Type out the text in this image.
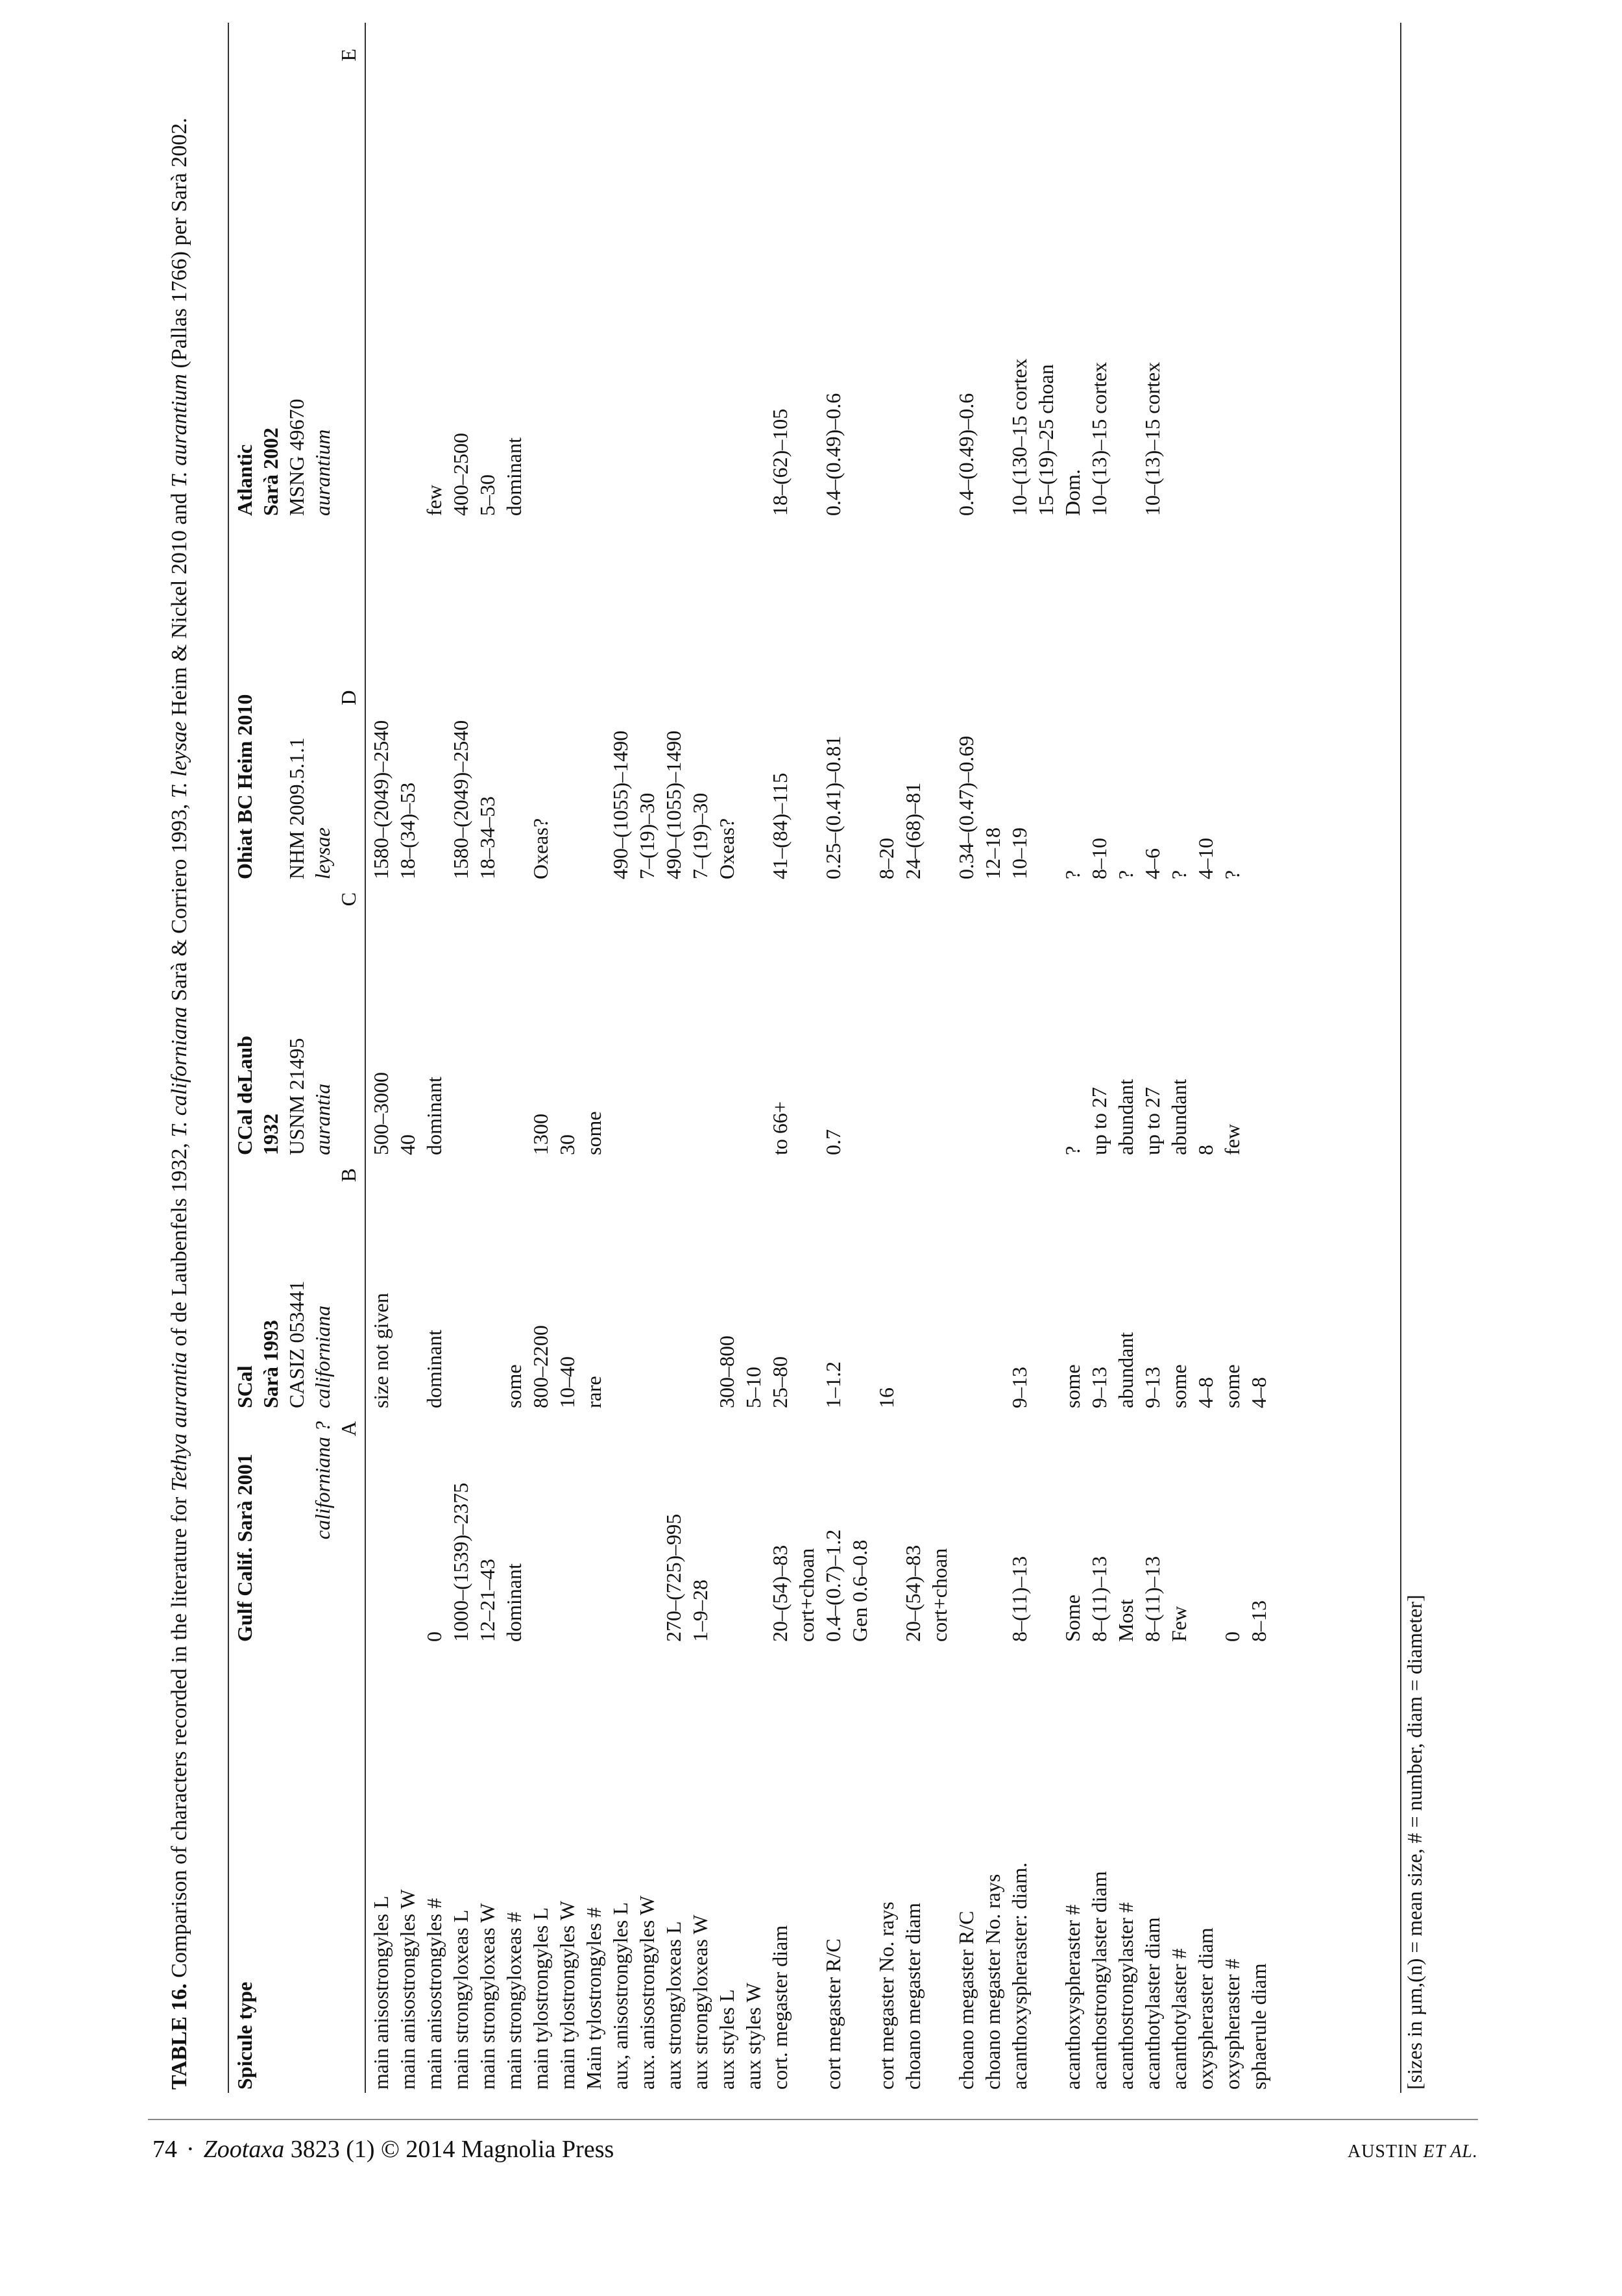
TABLE 16. Comparison of characters recorded in the literature for Tethya aurantia of de Laubenfels 1932, T. californiana Sarà & Corriero 1993, T. leysae Heim & Nickel 2010 and T. aurantium (Pallas 1766) per Sarà 2002.
Spicule type	Gulf Calif. Sarà 2001	SCal	CCal deLaub	Ohiat BC Heim 2010	Atlantic
		Sarà 1993	1932		Sarà 2002
		CASIZ 053441	USNM 21495	NHM 2009.5.1.1	MSNG 49670
	californiana ?	californiana	aurantia	leysae	aurantium
	A	B	C	D	E

main anisostrongyles L		size not given	500–3000	1580–(2049)–2540	
main anisostrongyles W			40	18–(34)–53	
main anisostrongyles #	0	dominant	dominant		few
main strongyloxeas L	1000–(1539)–2375			1580–(2049)–2540	400–2500
main strongyloxeas W	12–21–43			18–34–53	5–30
main strongyloxeas #	dominant	some			dominant
main tylostrongyles L		800–2200	1300	Oxeas?	
main tylostrongyles W		10–40	30		
Main tylostrongyles #		rare	some		
aux, anisostrongyles L				490–(1055)–1490	
aux. anisostrongyles W				7–(19)–30	
aux strongyloxeas L	270–(725)–995			490–(1055)–1490	
aux strongyloxeas W	1–9–28			7–(19)–30	
aux styles L		300–800		Oxeas?	
aux styles W		5–10			
cort. megaster diam	20–(54)–83	25–80	to 66+	41–(84)–115	18–(62)–105
	cort+choan				
cort megaster R/C	0.4–(0.7)–1.2	1–1.2	0.7	0.25–(0.41)–0.81	0.4–(0.49)–0.6
	Gen 0.6–0.8				

cort megaster No. rays		16		8–20	
choano megaster diam	20–(54)–83			24–(68)–81	
	cort+choan				

choano megaster R/C				0.34–(0.47)–0.69	0.4–(0.49)–0.6
choano megaster No. rays				12–18	
acanthoxyspheraster: diam.	8–(11)–13	9–13		10–19	10–(130–15 cortex
					15–(19)–25 choan
acanthoxyspheraster #	Some	some	?	?	Dom.
acanthostrongylaster diam	8–(11)–13	9–13	up to 27	8–10	10–(13)–15 cortex
acanthostrongylaster #	Most	abundant	abundant	?	
acanthotylaster diam	8–(11)–13	9–13	up to 27	4–6	10–(13)–15 cortex
acanthotylaster #	Few	some	abundant	?	
oxyspheraster diam		4–8	8	4–10	
oxyspheraster #	0	some	few	?	
sphaerule diam	8–13	4–8			
[sizes in µm,(n) = mean size, # = number, diam = diameter]
74 · Zootaxa 3823 (1) © 2014 Magnolia Press	AUSTIN ET AL.
